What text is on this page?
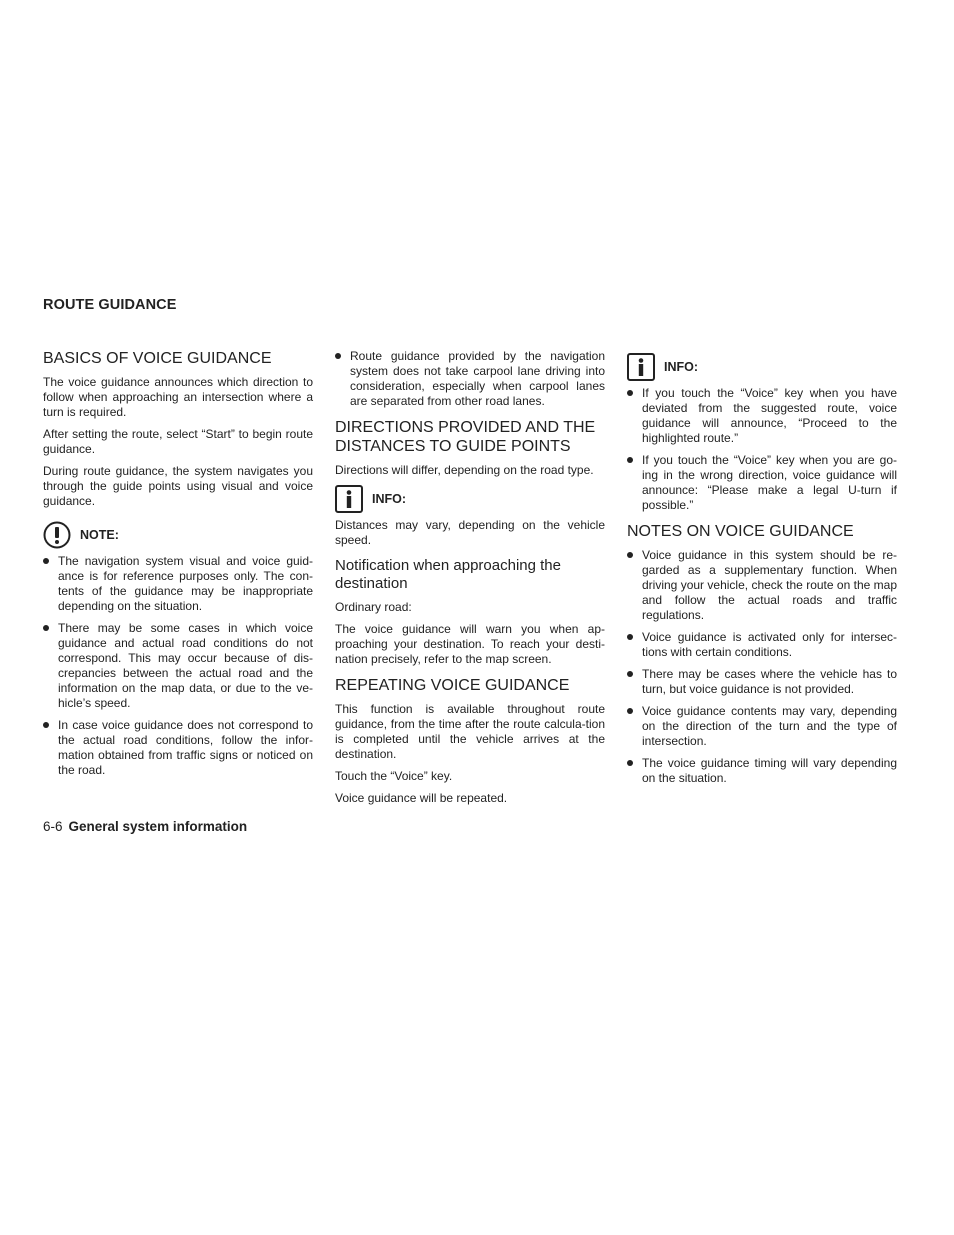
ROUTE GUIDANCE
BASICS OF VOICE GUIDANCE

The voice guidance announces which direction to follow when approaching an intersection where a turn is required.

After setting the route, select “Start” to begin route guidance.

During route guidance, the system navigates you through the guide points using visual and voice guidance.

NOTE:
The navigation system visual and voice guid-ance is for reference purposes only. The con-tents of the guidance may be inappropriate depending on the situation.
There may be some cases in which voice guidance and actual road conditions do not correspond. This may occur because of dis-crepancies between the actual road and the information on the map data, or due to the ve-hicle’s speed.
In case voice guidance does not correspond to the actual road conditions, follow the infor-mation obtained from traffic signs or noticed on the road.
Route guidance provided by the navigation system does not take carpool lane driving into consideration, especially when carpool lanes are separated from other road lanes.
DIRECTIONS PROVIDED AND THE DISTANCES TO GUIDE POINTS

Directions will differ, depending on the road type.

INFO:

Distances may vary, depending on the vehicle speed.

Notification when approaching the destination

Ordinary road:

The voice guidance will warn you when ap-proaching your destination. To reach your desti-nation precisely, refer to the map screen.

REPEATING VOICE GUIDANCE

This function is available throughout route guidance, from the time after the route calcula-tion is completed until the vehicle arrives at the destination.

Touch the “Voice” key.

Voice guidance will be repeated.

INFO:
If you touch the “Voice” key when you have deviated from the suggested route, voice guidance will announce, “Proceed to the highlighted route.”
If you touch the “Voice” key when you are go-ing in the wrong direction, voice guidance will announce: “Please make a legal U-turn if possible.”
NOTES ON VOICE GUIDANCE
Voice guidance in this system should be re-garded as a supplementary function. When driving your vehicle, check the route on the map and follow the actual roads and traffic regulations.
Voice guidance is activated only for intersec-tions with certain conditions.
There may be cases where the vehicle has to turn, but voice guidance is not provided.
Voice guidance contents may vary, depending on the direction of the turn and the type of intersection.
The voice guidance timing will vary depending on the situation.

6-6 General system information
